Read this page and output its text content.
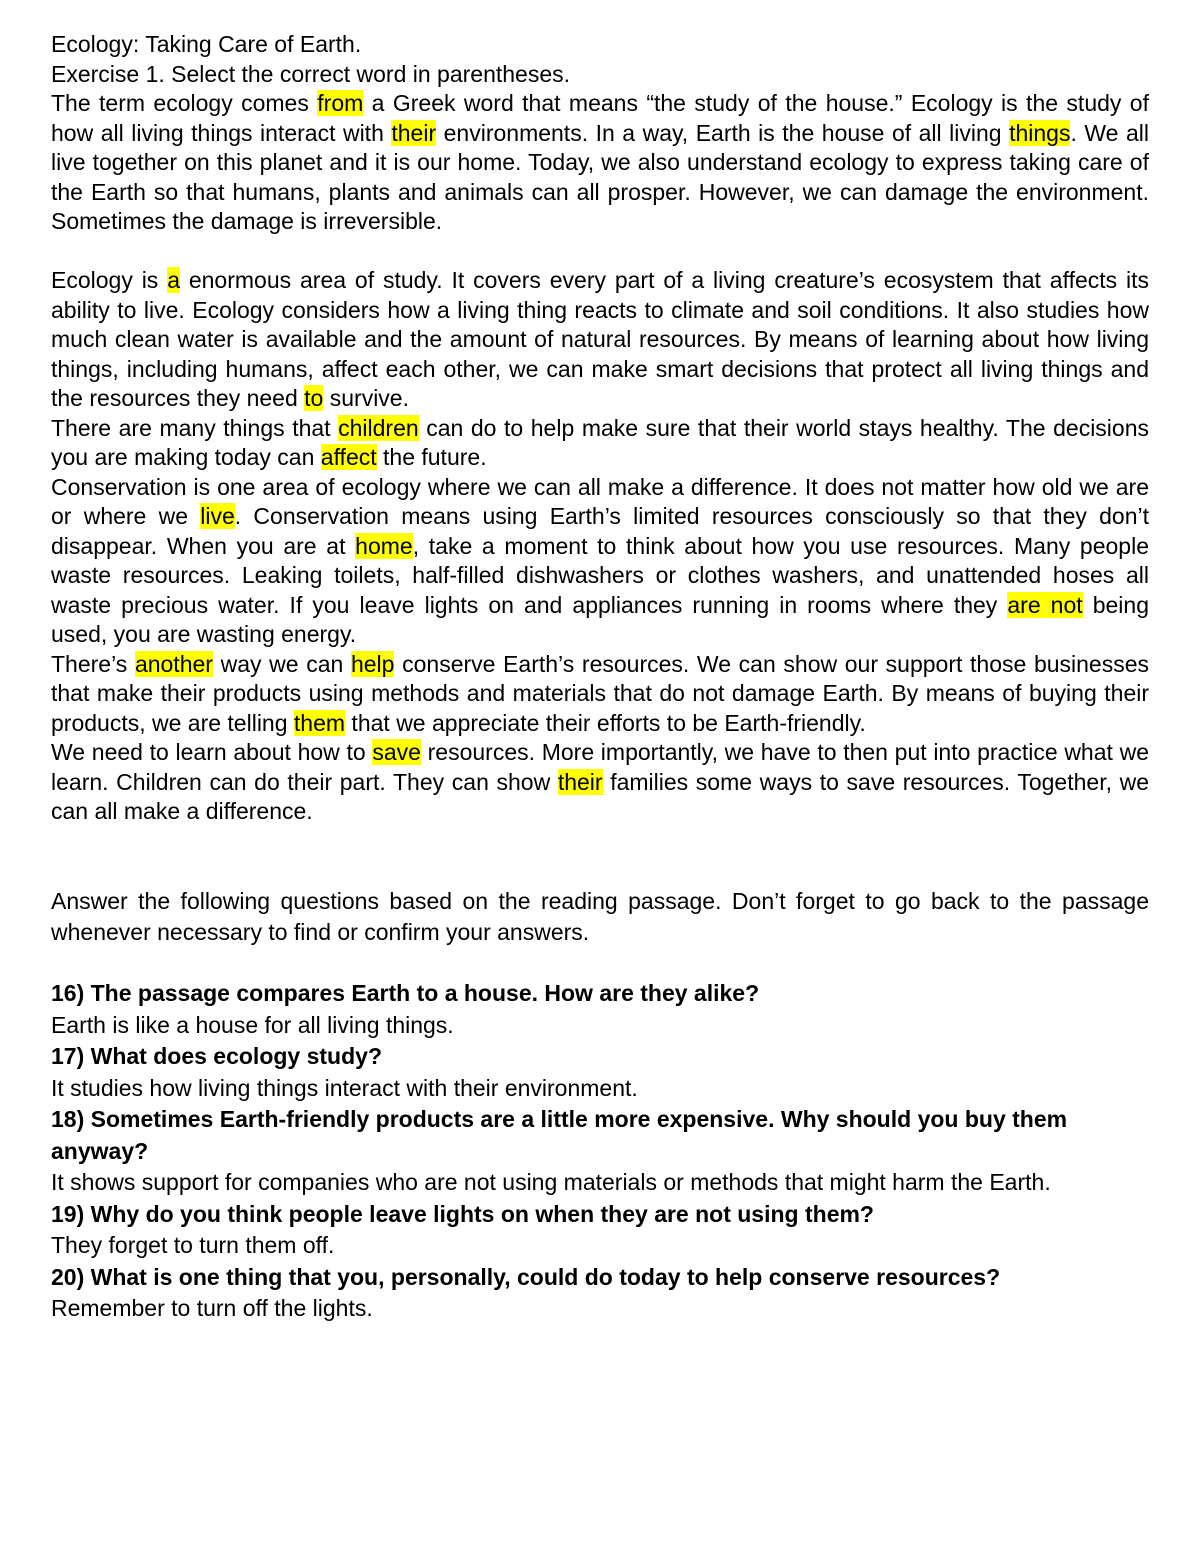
Ecology: Taking Care of Earth.

Exercise 1. Select the correct word in parentheses.

The term ecology comes from a Greek word that means “the study of the house.” Ecology is the study of how all living things interact with their environments. In a way, Earth is the house of all living things. We all live together on this planet and it is our home. Today, we also understand ecology to express taking care of the Earth so that humans, plants and animals can all prosper. However, we can damage the environment. Sometimes the damage is irreversible.

Ecology is a enormous area of study. It covers every part of a living creature’s ecosystem that affects its ability to live. Ecology considers how a living thing reacts to climate and soil conditions. It also studies how much clean water is available and the amount of natural resources. By means of learning about how living things, including humans, affect each other, we can make smart decisions that protect all living things and the resources they need to survive.

There are many things that children can do to help make sure that their world stays healthy. The decisions you are making today can affect the future.

Conservation is one area of ecology where we can all make a difference. It does not matter how old we are or where we live. Conservation means using Earth’s limited resources consciously so that they don’t disappear. When you are at home, take a moment to think about how you use resources. Many people waste resources. Leaking toilets, half-filled dishwashers or clothes washers, and unattended hoses all waste precious water. If you leave lights on and appliances running in rooms where they are not being used, you are wasting energy.

There’s another way we can help conserve Earth’s resources. We can show our support those businesses that make their products using methods and materials that do not damage Earth. By means of buying their products, we are telling them that we appreciate their efforts to be Earth-friendly.

We need to learn about how to save resources. More importantly, we have to then put into practice what we learn. Children can do their part. They can show their families some ways to save resources. Together, we can all make a difference.

Answer the following questions based on the reading passage. Don’t forget to go back to the passage whenever necessary to find or confirm your answers.

16) The passage compares Earth to a house. How are they alike?

Earth is like a house for all living things.

17) What does ecology study?

It studies how living things interact with their environment.

18) Sometimes Earth-friendly products are a little more expensive. Why should you buy them anyway?

It shows support for companies who are not using materials or methods that might harm the Earth.

19) Why do you think people leave lights on when they are not using them?

They forget to turn them off.

20) What is one thing that you, personally, could do today to help conserve resources?

Remember to turn off the lights.
